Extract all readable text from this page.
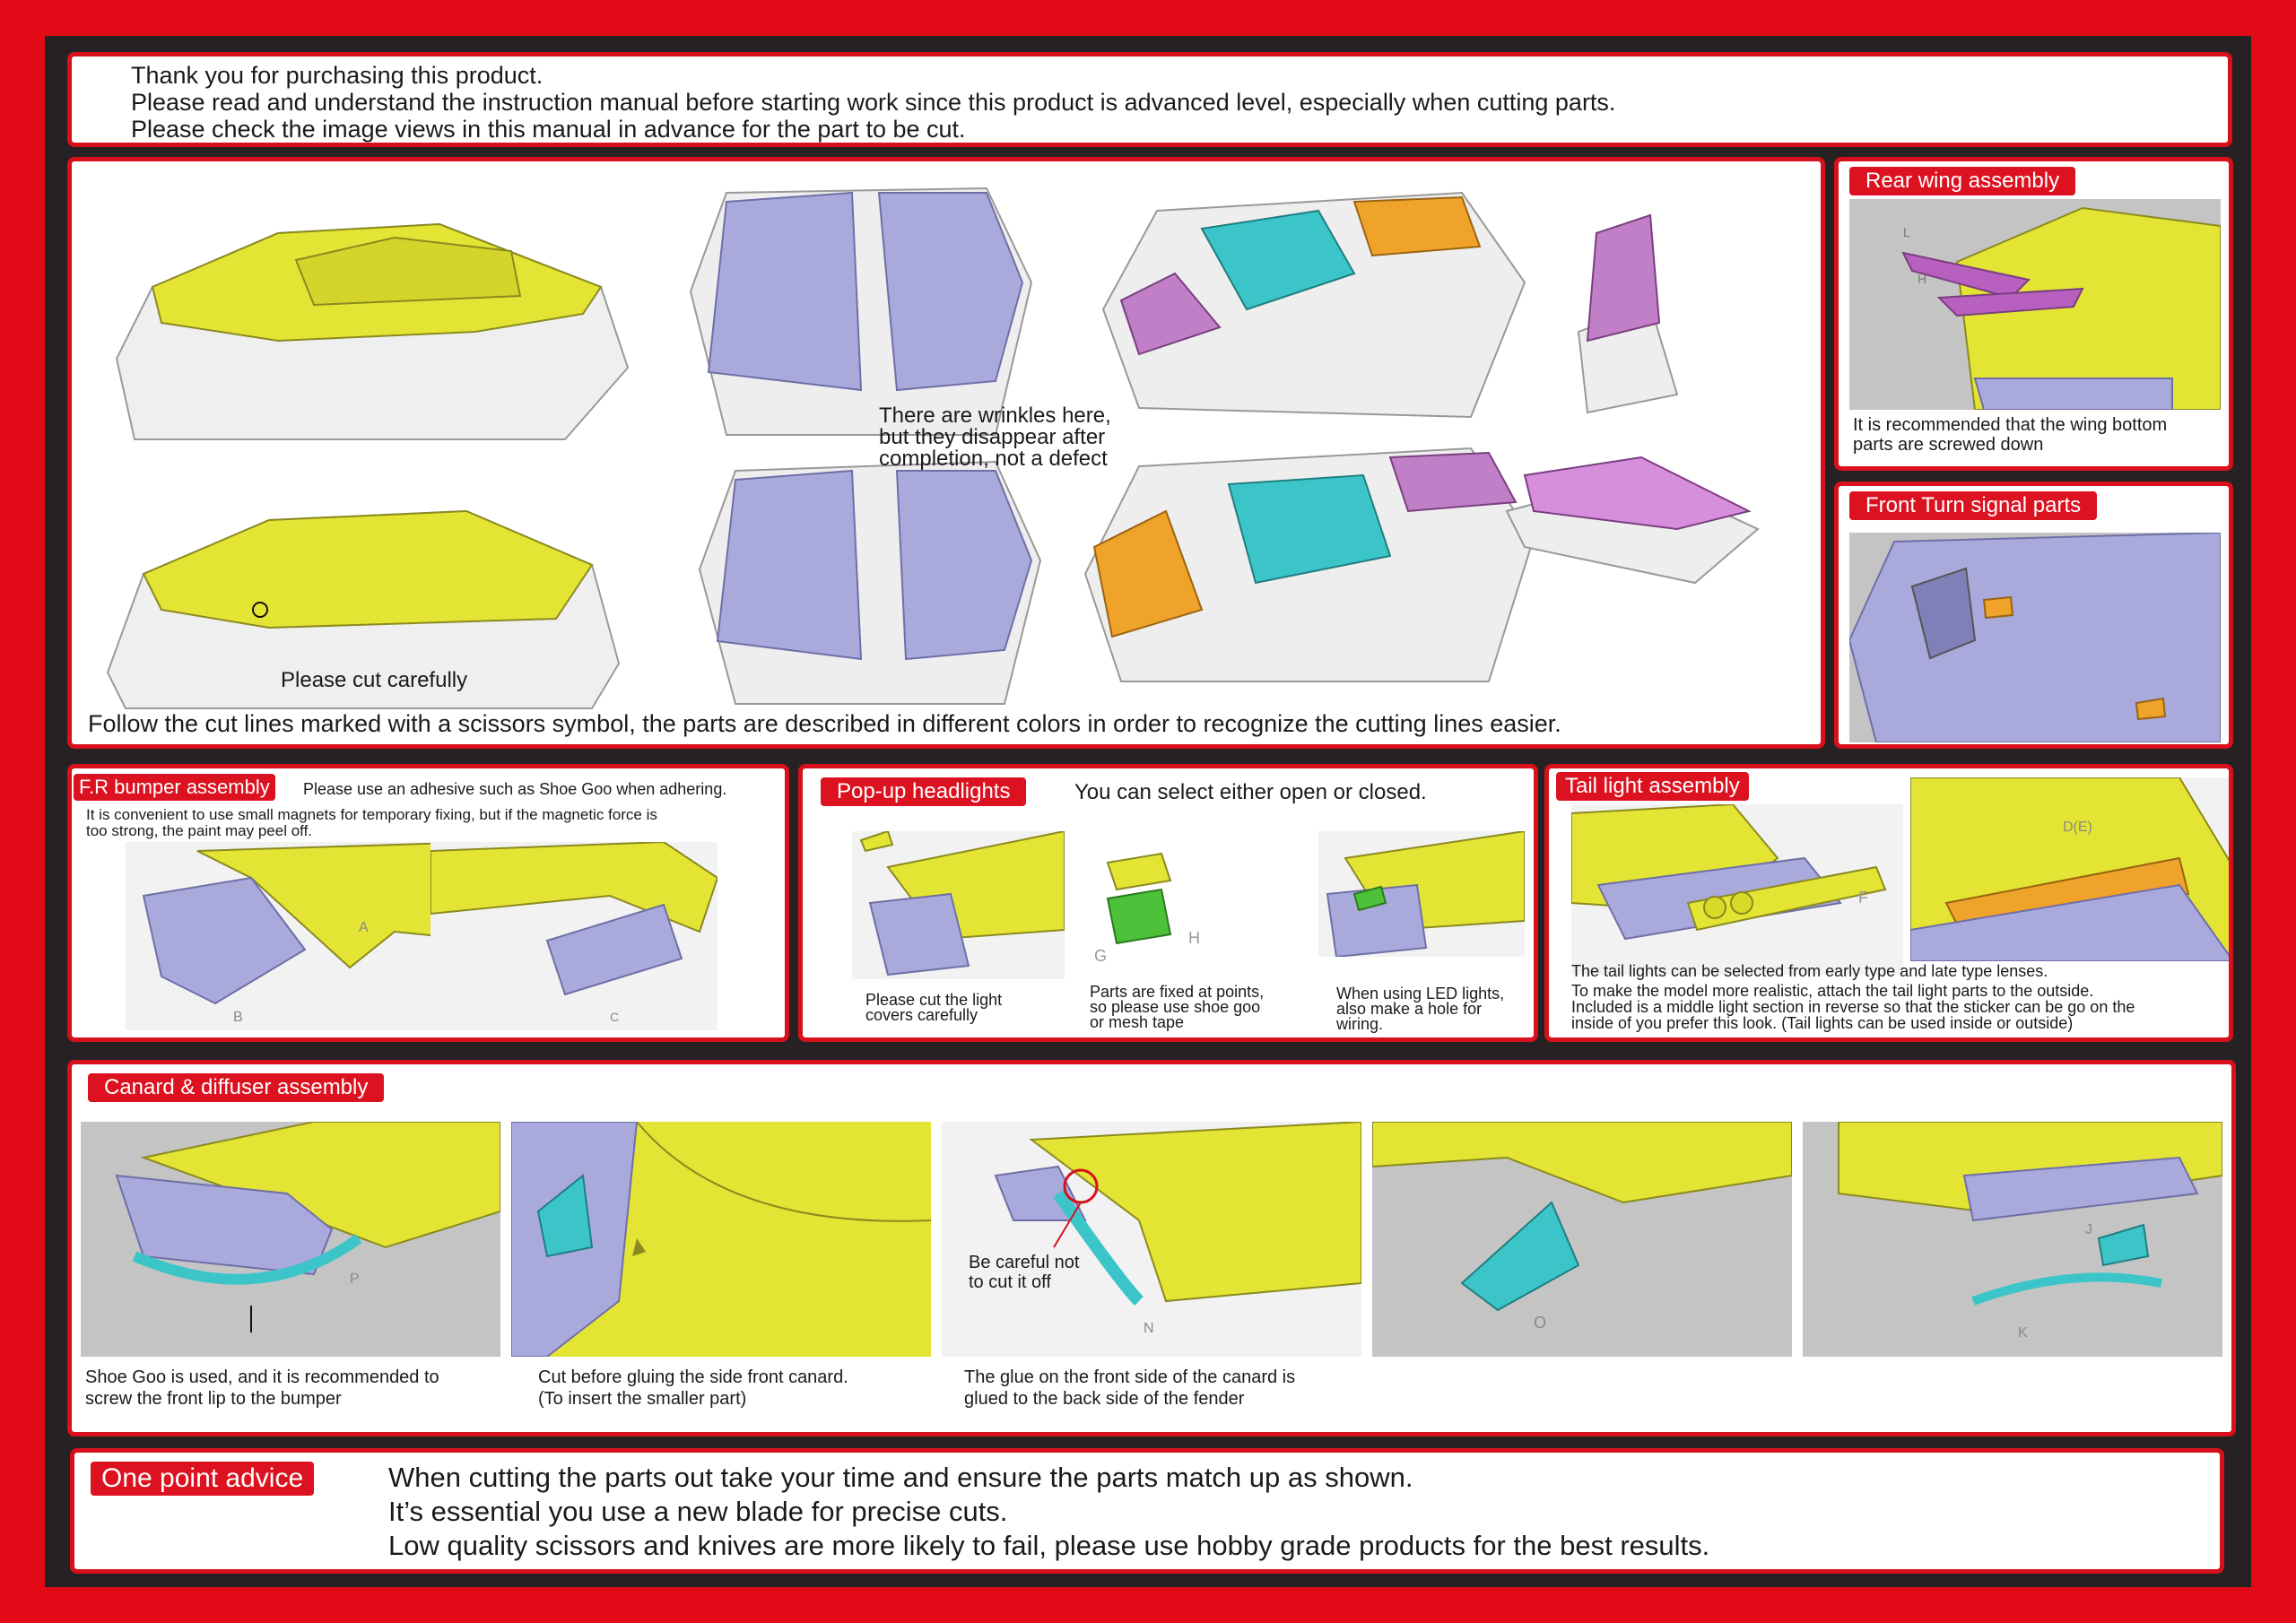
Thank you for purchasing this product.
Please read and understand the instruction manual before starting work since this product is advanced level, especially when cutting parts.
Please check the image views in this manual in advance for the part to be cut.
There are wrinkles here,
but they disappear after
completion, not a defect
Please cut carefully
Follow the cut lines marked with a scissors symbol, the parts are described in different colors in order to recognize the cutting lines easier.
Rear wing assembly
L
H
It is recommended that the wing bottom
parts are screwed down
Front Turn signal parts
F.R bumper assembly	Please use an adhesive such as Shoe Goo when adhering.
It is convenient to use small magnets for temporary fixing, but if the magnetic force is
too strong, the paint may peel off.
A
B	C
Pop-up headlights	You can select either open or closed.
G
H
Please cut the light
covers carefully
Parts are fixed at points,
so please use shoe goo
or mesh tape
When using LED lights,
also make a hole for
wiring.
Tail light assembly
F
D(E)
The tail lights can be selected from early type and late type lenses.
To make the model more realistic, attach the tail light parts to the outside.
Included is a middle light section in reverse so that the sticker can be go on the
inside of you prefer this look. (Tail lights can be used inside or outside)
Canard & diffuser assembly
P
N
Be careful not
to cut it off
O
J
K
Shoe Goo is used, and it is recommended to
screw the front lip to the bumper
Cut before gluing the side front canard.
(To insert the smaller part)
The glue on the front side of the canard is
glued to the back side of the fender
One point advice	When cutting the parts out take your time and ensure the parts match up as shown.
It’s essential you use a new blade for precise cuts.
Low quality scissors and knives are more likely to fail, please use hobby grade products for the best results.
